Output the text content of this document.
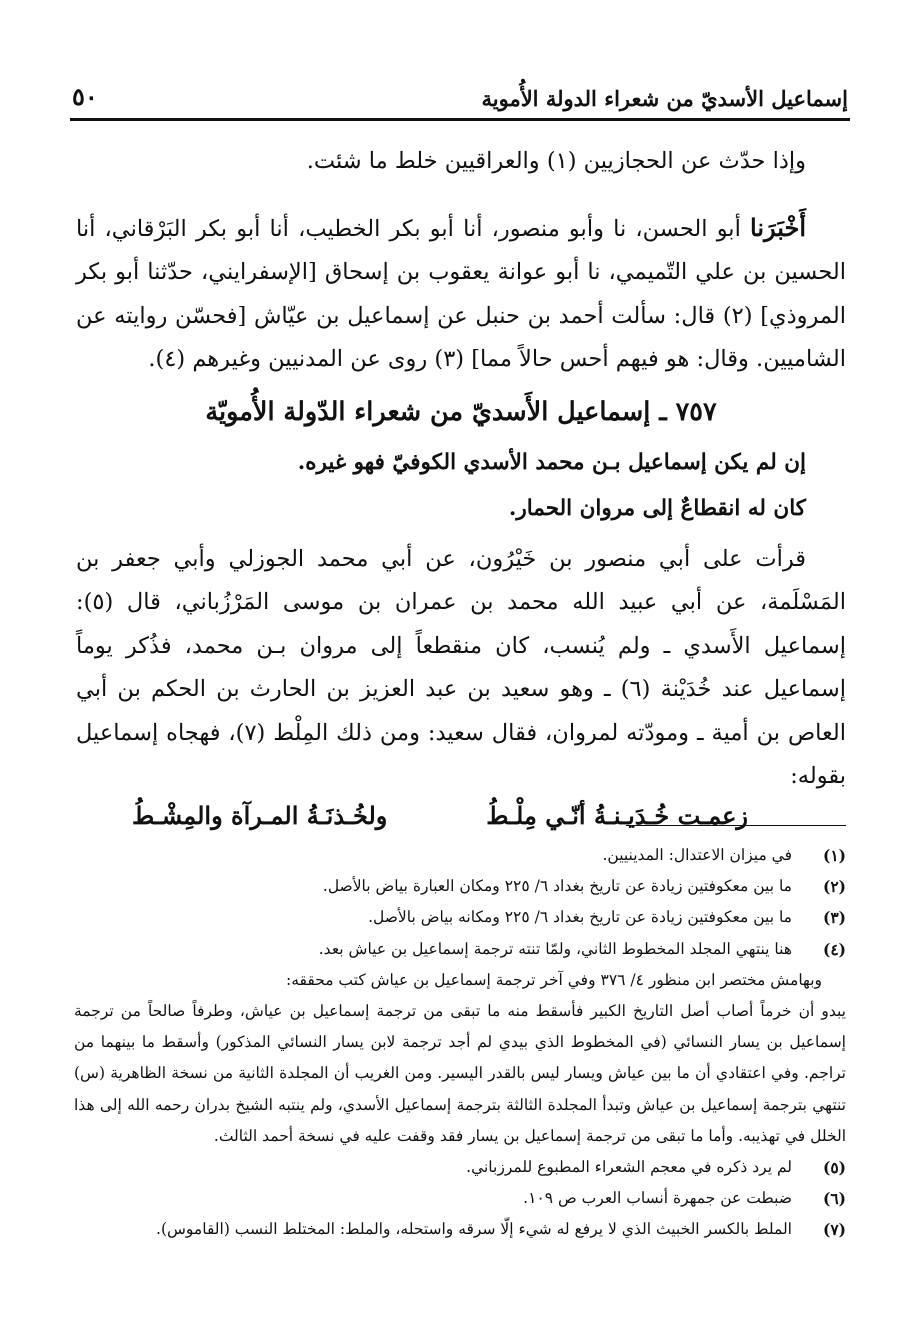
إسماعيل الأسديّ من شعراء الدولة الأُموية
٥٠

وإذا حدّث عن الحجازيين (١) والعراقيين خلط ما شئت.

أَخْبَرَنا أبو الحسن، نا وأبو منصور، أنا أبو بكر الخطيب، أنا أبو بكر البَرْقاني، أنا الحسين بن علي التّميمي، نا أبو عوانة يعقوب بن إسحاق [الإسفرايني، حدّثنا أبو بكر المروذي] (٢) قال: سألت أحمد بن حنبل عن إسماعيل بن عيّاش [فحسّن روايته عن الشاميين. وقال: هو فيهم أحس حالاً مما] (٣) روى عن المدنيين وغيرهم (٤).

٧٥٧ ـ إسماعيل الأَسديّ من شعراء الدّولة الأُمويّة

إن لم يكن إسماعيل بـن محمد الأسدي الكوفيّ فهو غيره.

كان له انقطاعٌ إلى مروان الحمار.

قرأت على أبي منصور بن خَيْرُون، عن أبي محمد الجوزلي وأبي جعفر بن المَسْلَمة، عن أبي عبيد الله محمد بن عمران بن موسى المَرْزُباني، قال (٥): إسماعيل الأَسدي ـ ولم يُنسب، كان منقطعاً إلى مروان بـن محمد، فذُكر يوماً إسماعيل عند خُدَيْنة (٦) ـ وهو سعيد بن عبد العزيز بن الحارث بن الحكم بن أبي العاص بن أمية ـ ومودّته لمروان، فقال سعيد: ومن ذلك المِلْط (٧)، فهجاه إسماعيل بقوله:

زعمـت خُـدَيـنـةُ أنّـي مِلْـطُ
ولخُـذنَـةُ المـرآة والمِشْـطُ
(١)
في ميزان الاعتدال: المدينيين.
(٢)
ما بين معكوفتين زيادة عن تاريخ بغداد ٦/ ٢٢٥ ومكان العبارة بياض بالأصل.
(٣)
ما بين معكوفتين زيادة عن تاريخ بغداد ٦/ ٢٢٥ ومكانه بياض بالأصل.
(٤)
هنا ينتهي المجلد المخطوط الثاني، ولمّا تنته ترجمة إسماعيل بن عياش بعد.

وبهامش مختصر ابن منظور ٤/ ٣٧٦ وفي آخر ترجمة إسماعيل بن عياش كتب محققه:

يبدو أن خرماً أصاب أصل التاريخ الكبير فأسقط منه ما تبقى من ترجمة إسماعيل بن عياش، وطرفاً صالحاً من ترجمة إسماعيل بن يسار النسائي (في المخطوط الذي بيدي لم أجد ترجمة لابن يسار النسائي المذكور) وأسقط ما بينهما من تراجم. وفي اعتقادي أن ما بين عياش ويسار ليس بالقدر اليسير. ومن الغريب أن المجلدة الثانية من نسخة الظاهرية (س) تنتهي بترجمة إسماعيل بن عياش وتبدأ المجلدة الثالثة بترجمة إسماعيل الأسدي، ولم ينتبه الشيخ بدران رحمه الله إلى هذا الخلل في تهذيبه. وأما ما تبقى من ترجمة إسماعيل بن يسار فقد وقفت عليه في نسخة أحمد الثالث.

(٥)
لم يرد ذكره في معجم الشعراء المطبوع للمرزباني.
(٦)
ضبطت عن جمهرة أنساب العرب ص ١٠٩.
(٧)
الملط بالكسر الخبيث الذي لا يرفع له شيء إلّا سرقه واستحله، والملط: المختلط النسب (القاموس).
